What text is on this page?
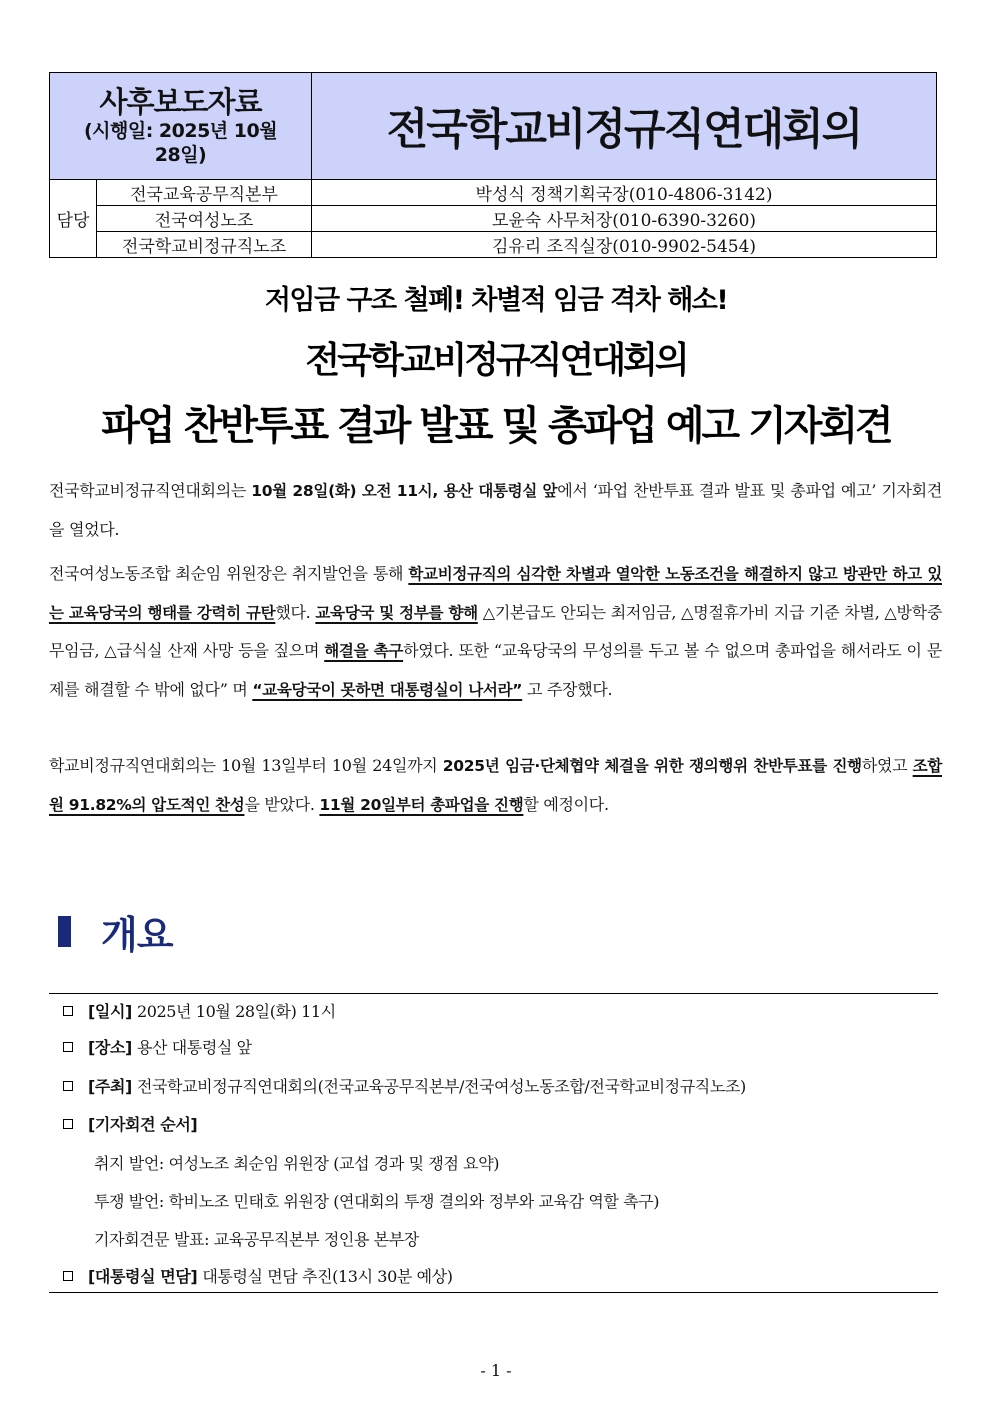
사후보도자료
(시행일: 2025년 10월 28일)		전국학교비정규직연대회의
담당	전국교육공무직본부	박성식 정책기획국장(010-4806-3142)
	전국여성노조	모윤숙 사무처장(010-6390-3260)
	전국학교비정규직노조	김유리 조직실장(010-9902-5454)
저임금 구조 철폐! 차별적 임금 격차 해소!
전국학교비정규직연대회의
파업 찬반투표 결과 발표 및 총파업 예고 기자회견
전국학교비정규직연대회의는 10월 28일(화) 오전 11시, 용산 대통령실 앞에서 ‘파업 찬반투표 결과 발표 및 총파업 예고’ 기자회견을 열었다.
전국여성노동조합 최순임 위원장은 취지발언을 통해 학교비정규직의 심각한 차별과 열악한 노동조건을 해결하지 않고 방관만 하고 있는 교육당국의 행태를 강력히 규탄했다. 교육당국 및 정부를 향해 △기본급도 안되는 최저임금, △명절휴가비 지급 기준 차별, △방학중 무임금, △급식실 산재 사망 등을 짚으며 해결을 촉구하였다. 또한 “교육당국의 무성의를 두고 볼 수 없으며 총파업을 해서라도 이 문제를 해결할 수 밖에 없다” 며 “교육당국이 못하면 대통령실이 나서라” 고 주장했다.
학교비정규직연대회의는 10월 13일부터 10월 24일까지 2025년 임금·단체협약 체결을 위한 쟁의행위 찬반투표를 진행하였고 조합원 91.82%의 압도적인 찬성을 받았다. 11월 20일부터 총파업을 진행할 예정이다.
개요
[일시] 2025년 10월 28일(화) 11시
[장소] 용산 대통령실 앞
[주최] 전국학교비정규직연대회의(전국교육공무직본부/전국여성노동조합/전국학교비정규직노조)
[기자회견 순서]
취지 발언: 여성노조 최순임 위원장 (교섭 경과 및 쟁점 요약)
투쟁 발언: 학비노조 민태호 위원장 (연대회의 투쟁 결의와 정부와 교육감 역할 촉구)
기자회견문 발표: 교육공무직본부 정인용 본부장
[대통령실 면담] 대통령실 면담 추진(13시 30분 예상)
- 1 -
